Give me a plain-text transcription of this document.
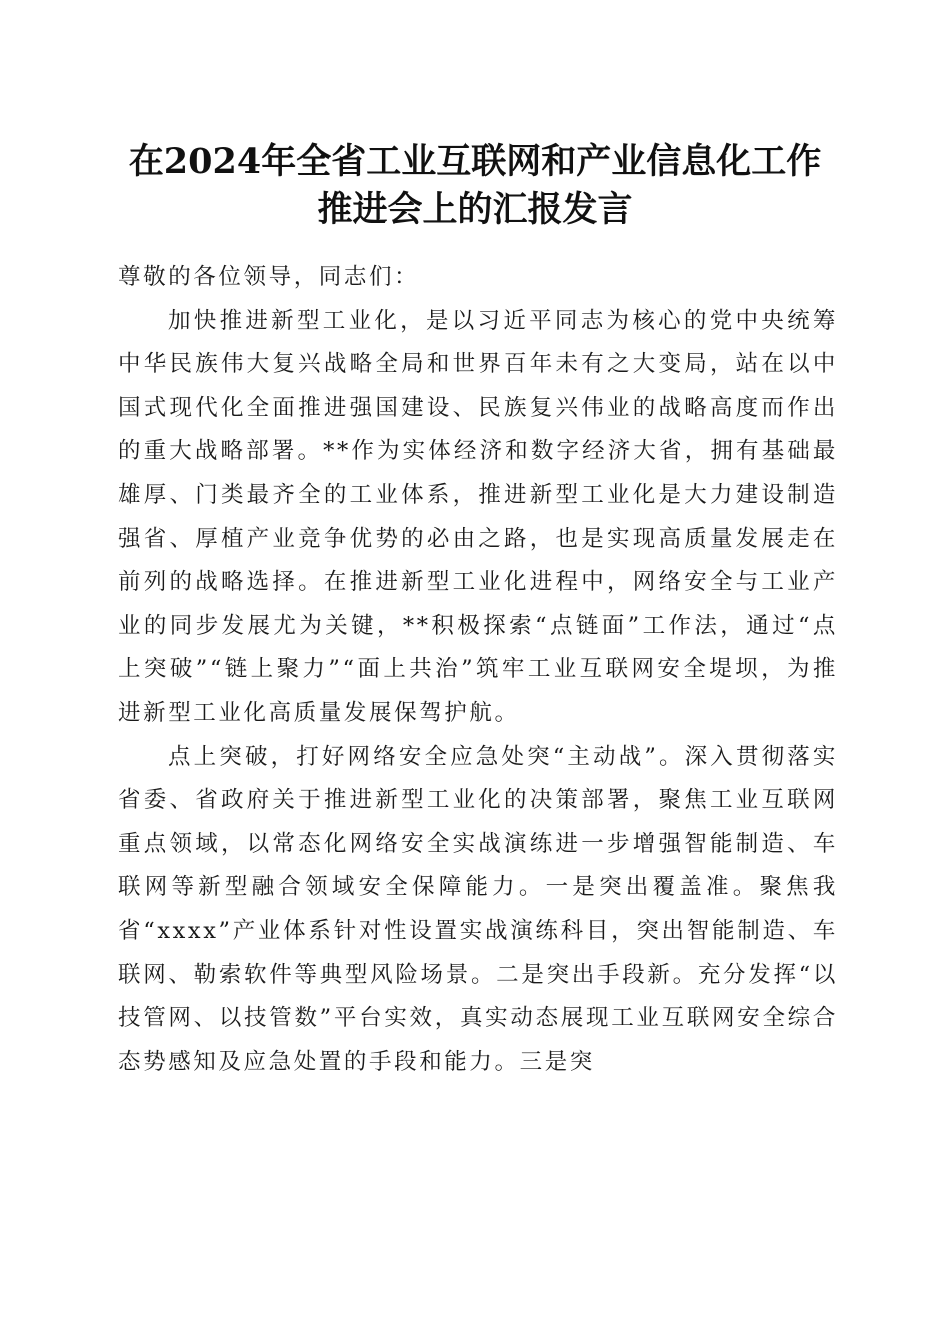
在2024年全省工业互联网和产业信息化工作
推进会上的汇报发言

尊敬的各位领导，同志们：

加快推进新型工业化，是以习近平同志为核心的党中央统筹中华民族伟大复兴战略全局和世界百年未有之大变局，站在以中国式现代化全面推进强国建设、民族复兴伟业的战略高度而作出的重大战略部署。**作为实体经济和数字经济大省，拥有基础最雄厚、门类最齐全的工业体系，推进新型工业化是大力建设制造强省、厚植产业竞争优势的必由之路，也是实现高质量发展走在前列的战略选择。在推进新型工业化进程中，网络安全与工业产业的同步发展尤为关键，**积极探索“点链面”工作法，通过“点上突破”“链上聚力”“面上共治”筑牢工业互联网安全堤坝，为推进新型工业化高质量发展保驾护航。

点上突破，打好网络安全应急处突“主动战”。深入贯彻落实省委、省政府关于推进新型工业化的决策部署，聚焦工业互联网重点领域，以常态化网络安全实战演练进一步增强智能制造、车联网等新型融合领域安全保障能力。一是突出覆盖准。聚焦我省“xxxx”产业体系针对性设置实战演练科目，突出智能制造、车联网、勒索软件等典型风险场景。二是突出手段新。充分发挥“以技管网、以技管数”平台实效，真实动态展现工业互联网安全综合态势感知及应急处置的手段和能力。三是突
